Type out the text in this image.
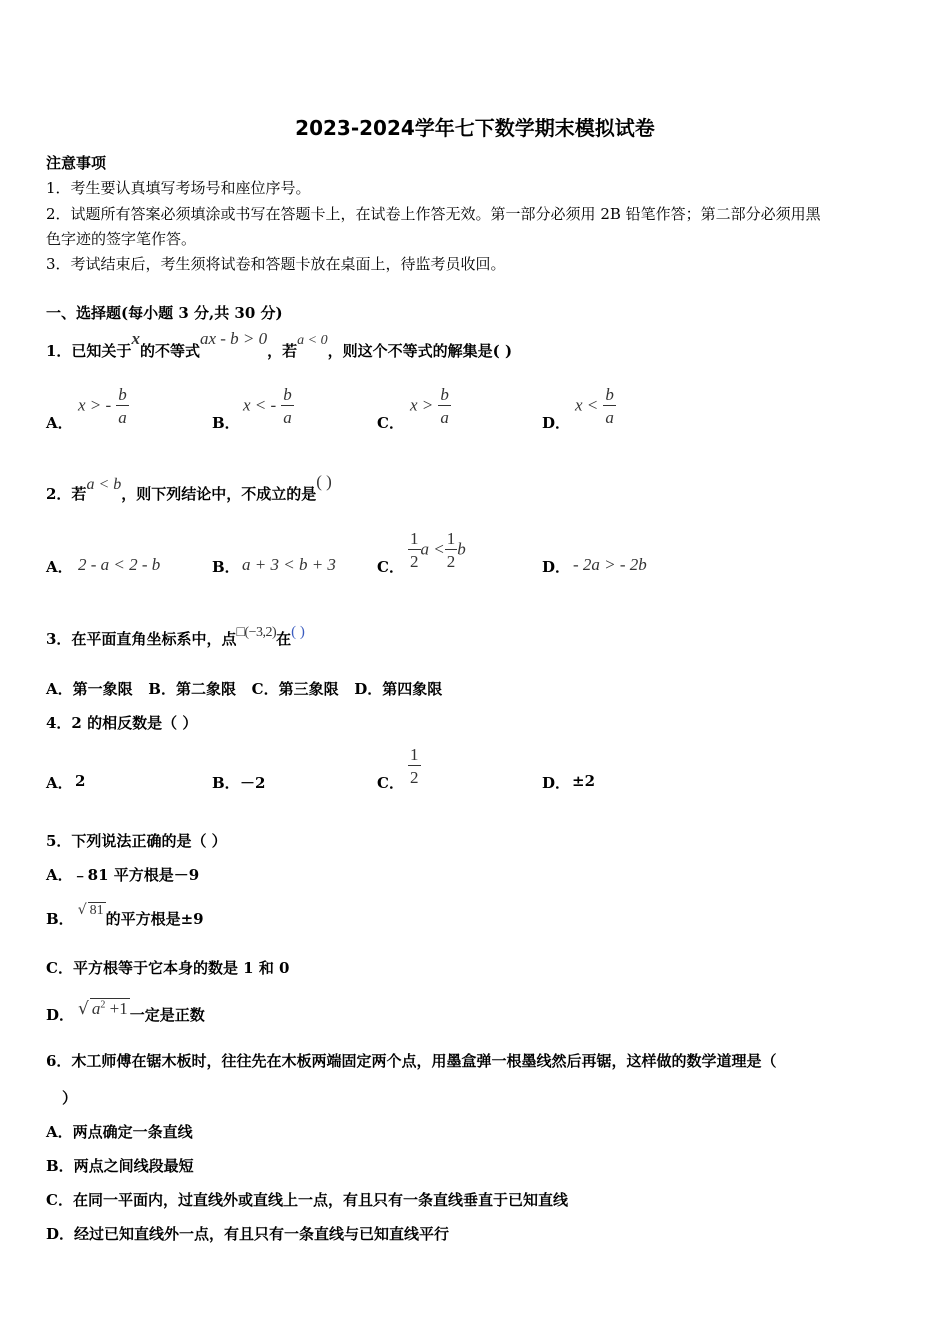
2023-2024学年七下数学期末模拟试卷
注意事项
1．考生要认真填写考场号和座位序号。
2．试题所有答案必须填涂或书写在答题卡上，在试卷上作答无效。第一部分必须用 2B 铅笔作答；第二部分必须用黑
色字迹的签字笔作答。
3．考试结束后，考生须将试卷和答题卡放在桌面上，待监考员收回。
一、选择题(每小题 3 分,共 30 分)
1．已知关于x的不等式ax - b > 0，若a < 0，则这个不等式的解集是( )
A．
x > - $\frac{b}{a}$	B．
x < - $\frac{b}{a}$	C．
$x > \frac{b}{a}$	D．
$x < \frac{b}{a}$
2．若a < b，则下列结论中，不成立的是( )
A． 2 - a < 2 - b	B． a + 3 < b + 3	C． $\frac{1}{2}$ $a < \frac{1}{2}$ b
D． - 2a > - 2b
3．在平面直角坐标系中，点□(−3,2)在( )
A．第一象限   B．第二象限   C．第三象限   D．第四象限
4．2 的相反数是（ ）
A． 2	B． －2	C． $\frac{1}{2}$	D． ±2
5．下列说法正确的是（ ）
A．﹣81 平方根是－9
B． √ 81 的平方根是±9
C．平方根等于它本身的数是 1 和 0
D． √ $a^2 +1$ 一定是正数
6．木工师傅在锯木板时，往往先在木板两端固定两个点，用墨盒弹一根墨线然后再锯，这样做的数学道理是（
）
A．两点确定一条直线
B．两点之间线段最短
C．在同一平面内，过直线外或直线上一点，有且只有一条直线垂直于已知直线
D．经过已知直线外一点，有且只有一条直线与已知直线平行
